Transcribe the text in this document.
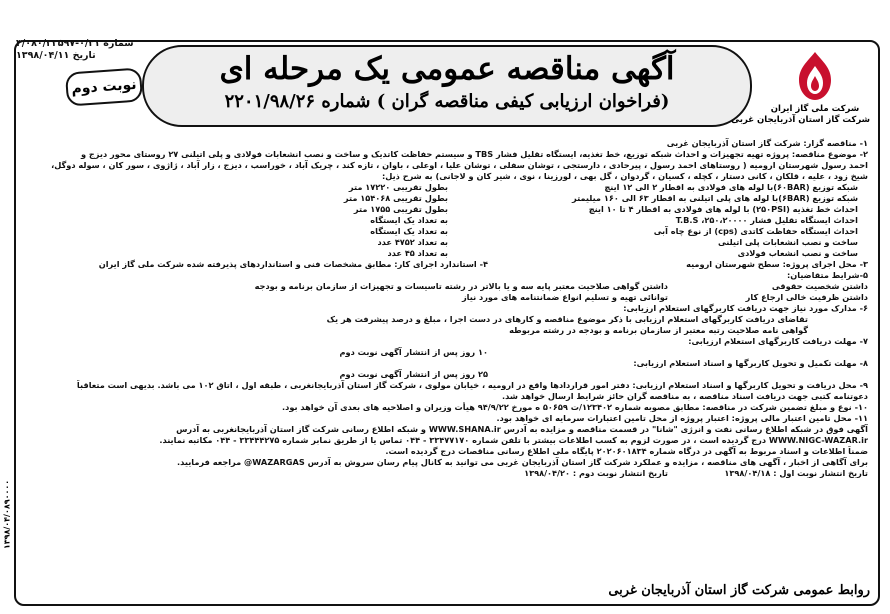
شماره ۰/۳۱-۳/۰۸۰/۲۲۵۹۷
تاریخ ۱۳۹۸/۰۴/۱۱
نوبت دوم
آگهی مناقصه عمومی یک مرحله ای
(فراخوان ارزیابی کیفی مناقصه گران ) شماره ۲۲۰۱/۹۸/۲۶	شرکت ملی گاز ایران
شرکت گاز استان آذربایجان غربی
۱- مناقصه گزار: شرکت گاز استان آذربایجان غربی
۲- موضوع مناقصه: پروژه تهیه تجهیزات و احداث شبکه توزیع، خط تغذیه، ایستگاه تقلیل فشار TBS و سیستم حفاظت کاتدیک و ساخت و نصب انشعابات فولادی و پلی اتیلنی ۲۷ روستای محور دیزج و
احمد رسول شهرستان ارومیه ( روستاهای احمد رسول ، پیرحادی ، دارستجی ، توشان سفلی ، توشان علیا ، اوعلی ، باوان ، تازه کند ، چریک آباد ، خوراسب ، دیزج ، زار آباد ، ژاژوی ، سور کان ، سوله دوگل،
شیخ زود ، علیه ، قلکان ، کانی دستار ، کچله ، کسیان ، گردوان ، گل بهی ، لورزینا ، نوی ، شیر کان و لاجانی) به شرح ذیل:
شبکه توزیع (۶۰BAR)با لوله های فولادی به اقطار ۲ الی ۱۲ اینچ
بطول تقریبی ۱۷۲۲۰ متر
شبکه توزیع (۶BAR)با لوله های پلی اتیلنی به اقطار ۶۳ الی ۱۶۰ میلیمتر
بطول تقریبی ۱۵۴۰۶۸ متر
احداث خط تغذیه (۲۵۰PSI) با لوله های فولادی به اقطار ۴ تا ۱۰ اینچ
بطول تقریبی ۱۷۵۵ متر
احداث ایستگاه تقلیل فشار ۲۵۰،۲۰۰۰۰، T.B.S
به تعداد یک ایستگاه
احداث ایستگاه حفاظت کاتدی (cps) از نوع چاه آبی
به تعداد یک ایستگاه
ساخت و نصب انشعابات پلی اتیلنی
به تعداد ۴۷۵۲ عدد
ساخت و نصب انشعاب فولادی
به تعداد ۴۵ عدد
۳- محل اجرای پروژه: سطح شهرستان ارومیه
۴- استاندارد اجرای کار: مطابق مشخصات فنی و استانداردهای پذیرفته شده شرکت ملی گاز ایران
۵-شرایط متقاضیان:
داشتن شخصیت حقوقی
داشتن گواهی صلاحیت معتبر پایه سه و یا بالاتر در رشته تاسیسات و تجهیزات از سازمان برنامه و بودجه
داشتن ظرفیت خالی ارجاع کار
توانائی تهیه و تسلیم انواع ضمانتنامه های مورد نیاز
۶- مدارک مورد نیاز جهت دریافت کاربرگهای استعلام ارزیابی:
تقاضای دریافت کاربرگهای استعلام ارزیابی با ذکر موضوع مناقصه و کارهای در دست اجرا ، مبلغ و درصد پیشرفت هر یک
گواهی نامه صلاحیت رتبه معتبر از سازمان برنامه و بودجه در رشته مربوطه
۷- مهلت دریافت کاربرگهای استعلام ارزیابی:
۱۰ روز پس از انتشار آگهی نوبت دوم
۸- مهلت تکمیل و تحویل کاربرگها و اسناد استعلام ارزیابی:
۲۵ روز پس از انتشار آگهی نوبت دوم
۹- محل دریافت و تحویل کاربرگها و اسناد استعلام ارزیابی: دفتر امور قراردادها واقع در ارومیه ، خیابان مولوی ، شرکت گاز استان آذربایجانغربی ، طبقه اول ، اتاق ۱۰۲ می باشد. بدیهی است متعاقباً
دعوتنامه کتبی جهت دریافت اسناد مناقصه ، به مناقصه گران حائز شرایط ارسال خواهد شد.
۱۰- نوع و مبلغ تضمین شرکت در مناقصه: مطابق مصوبه شماره ۱۲۳۴۰۲/ت ۵۰۶۵۹ ه مورخ ۹۴/۹/۲۲ هیأت وزیران و اصلاحیه های بعدی آن خواهد بود.
۱۱- محل تامین اعتبار مالی پروژه: اعتبار پروژه از محل تامین اعتبارات سرمایه ای خواهد بود.
آگهی فوق در شبکه اطلاع رسانی نفت و انرژی "شانا" در قسمت مناقصه و مزایده به آدرس WWW.SHANA.ir و شبکه اطلاع رسانی شرکت گاز استان آذربایجانغربی به آدرس
WWW.NIGC-WAZAR.ir درج گردیده است ، در صورت لزوم به کسب اطلاعات بیشتر با تلفن شماره ۳۳۴۷۷۱۷۰ - ۰۴۴ تماس یا از طریق نمابر شماره ۳۳۴۴۴۲۷۵ - ۰۴۴ مکاتبه نمایند.
ضمناً اطلاعات و اسناد مربوط به آگهی در درگاه شماره ۲۰۲۰۶۰۱۸۳۴ پایگاه ملی اطلاع رسانی مناقصات درج گردیده است.
برای آگاهی از اخبار ، آگهی های مناقصه ، مزایده و عملکرد شرکت گاز استان آذربایجان غربی می توانید به کانال پیام رسان سروش به آدرس WAZARGAS@ مراجعه فرمایید.
تاریخ انتشار نوبت اول : ۱۳۹۸/۰۴/۱۸
تاریخ انتشار نوبت دوم : ۱۳۹۸/۰۴/۲۰
روابط عمومی شرکت گاز استان آذربایجان غربی
۱۳۹۸/۰۴/۰۸۹۰۰۰۰
